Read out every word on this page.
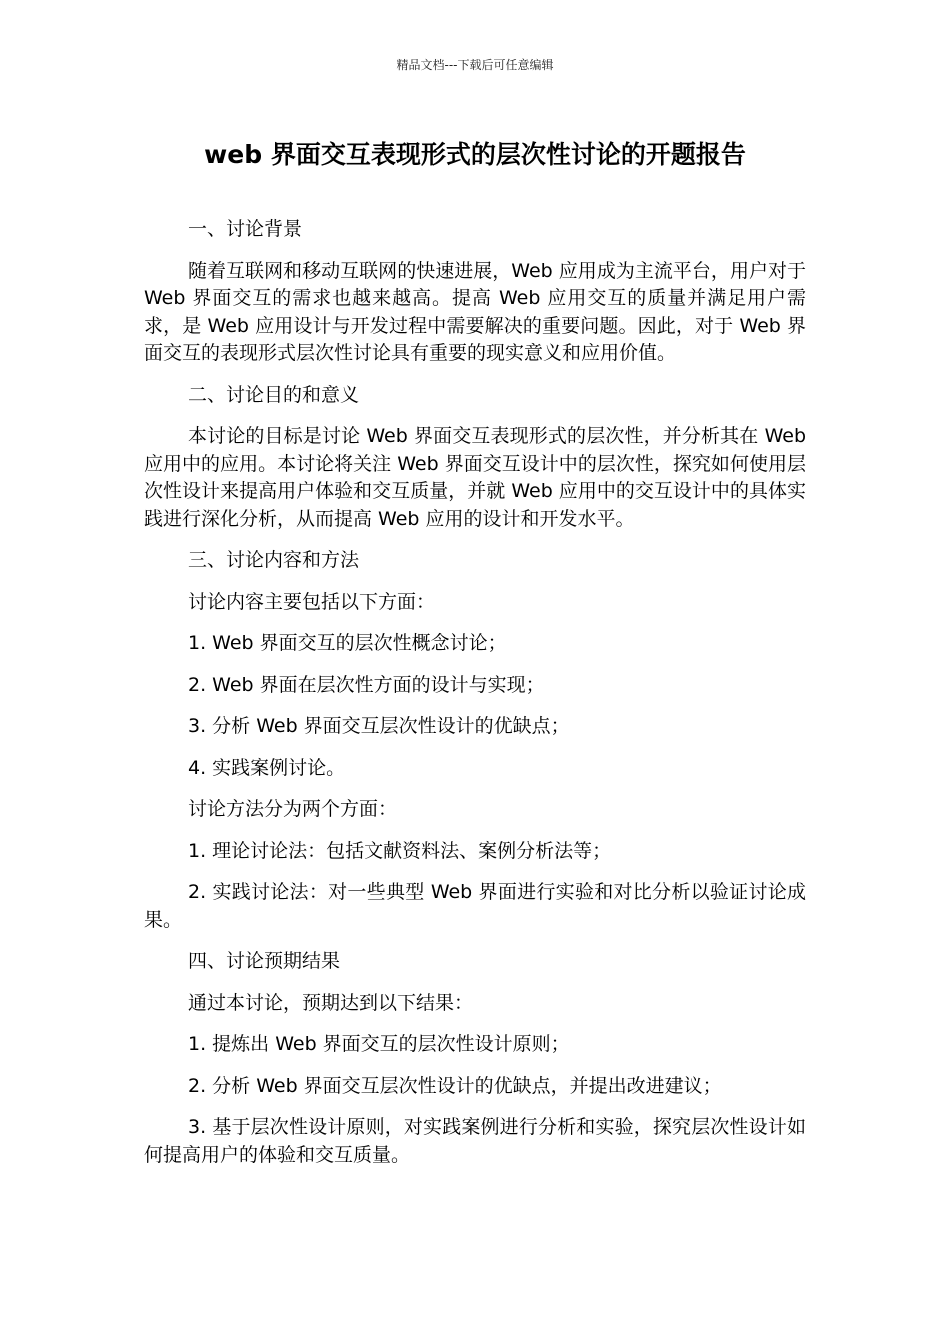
精品文档---下载后可任意编辑
web 界面交互表现形式的层次性讨论的开题报告

一、讨论背景

随着互联网和移动互联网的快速进展，Web 应用成为主流平台，用户对于 Web 界面交互的需求也越来越高。提高 Web 应用交互的质量并满足用户需求，是 Web 应用设计与开发过程中需要解决的重要问题。因此，对于 Web 界面交互的表现形式层次性讨论具有重要的现实意义和应用价值。

二、讨论目的和意义

本讨论的目标是讨论 Web 界面交互表现形式的层次性，并分析其在 Web 应用中的应用。本讨论将关注 Web 界面交互设计中的层次性，探究如何使用层次性设计来提高用户体验和交互质量，并就 Web 应用中的交互设计中的具体实践进行深化分析，从而提高 Web 应用的设计和开发水平。

三、讨论内容和方法

讨论内容主要包括以下方面：

1. Web 界面交互的层次性概念讨论；

2. Web 界面在层次性方面的设计与实现；

3. 分析 Web 界面交互层次性设计的优缺点；

4. 实践案例讨论。

讨论方法分为两个方面：

1. 理论讨论法：包括文献资料法、案例分析法等；

2. 实践讨论法：对一些典型 Web 界面进行实验和对比分析以验证讨论成果。

四、讨论预期结果

通过本讨论，预期达到以下结果：

1. 提炼出 Web 界面交互的层次性设计原则；

2. 分析 Web 界面交互层次性设计的优缺点，并提出改进建议；

3. 基于层次性设计原则，对实践案例进行分析和实验，探究层次性设计如何提高用户的体验和交互质量。
